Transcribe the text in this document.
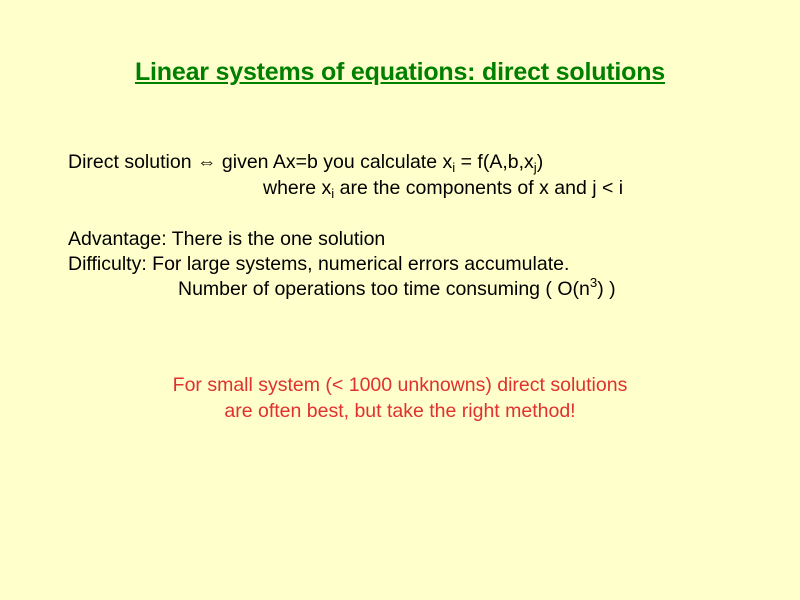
Linear systems of equations: direct solutions
Direct solution ⇔ given Ax=b you calculate $x_i = f(A,b,x_j)$
where $x_i$ are the components of x and j < i
Advantage: There is the one solution
Difficulty: For large systems, numerical errors accumulate.
Number of operations too time consuming ( $O(n^3)$ )
For small system (< 1000 unknowns) direct solutions
are often best, but take the right method!
